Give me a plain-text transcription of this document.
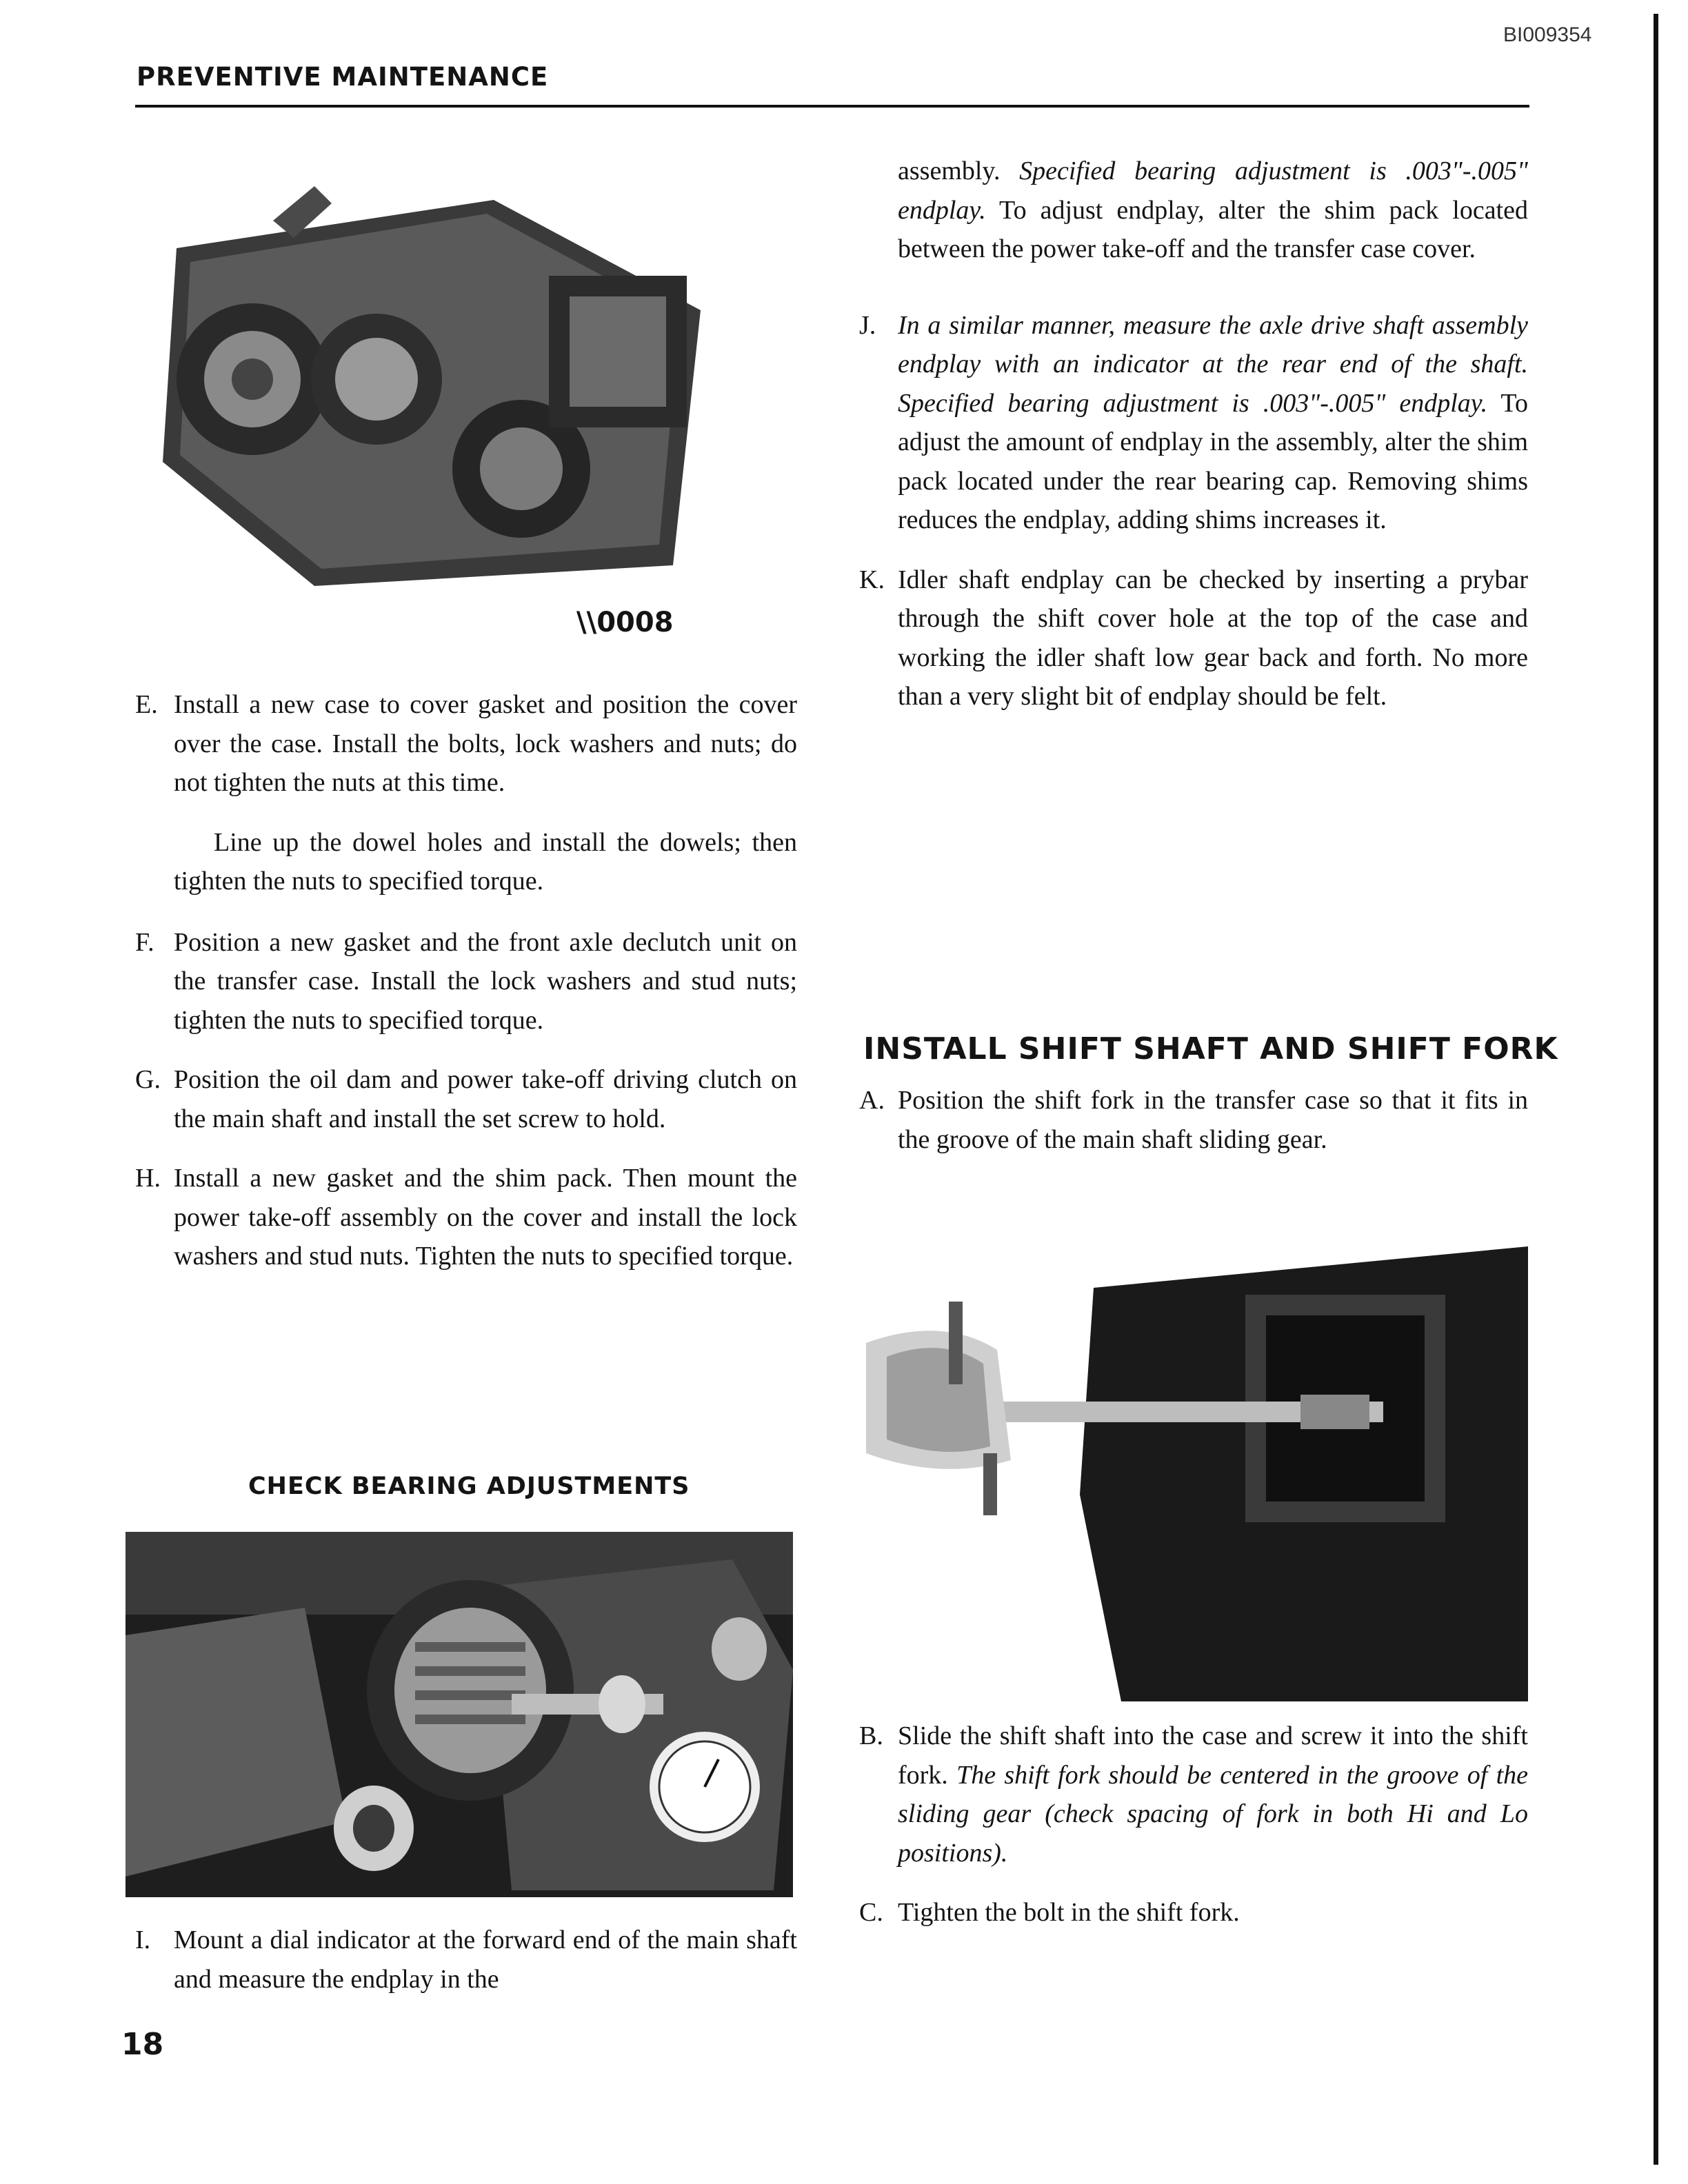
BI009354
PREVENTIVE MAINTENANCE
\\0008
E. Install a new case to cover gasket and position the cover over the case. Install the bolts, lock washers and nuts; do not tighten the nuts at this time.

Line up the dowel holes and install the dowels; then tighten the nuts to specified torque.

F. Position a new gasket and the front axle declutch unit on the transfer case. Install the lock washers and stud nuts; tighten the nuts to specified torque.
G. Position the oil dam and power take-off driving clutch on the main shaft and install the set screw to hold.
H. Install a new gasket and the shim pack. Then mount the power take-off assembly on the cover and install the lock washers and stud nuts. Tighten the nuts to specified torque.
CHECK BEARING ADJUSTMENTS
I. Mount a dial indicator at the forward end of the main shaft and measure the endplay in the

assembly. Specified bearing adjustment is .003"-.005" endplay. To adjust endplay, alter the shim pack located between the power take-off and the transfer case cover.

J. In a similar manner, measure the axle drive shaft assembly endplay with an indicator at the rear end of the shaft. Specified bearing adjustment is .003"-.005" endplay. To adjust the amount of endplay in the assembly, alter the shim pack located under the rear bearing cap. Removing shims reduces the endplay, adding shims increases it.
K. Idler shaft endplay can be checked by inserting a prybar through the shift cover hole at the top of the case and working the idler shaft low gear back and forth. No more than a very slight bit of endplay should be felt.
INSTALL SHIFT SHAFT AND SHIFT FORK
A. Position the shift fork in the transfer case so that it fits in the groove of the main shaft sliding gear.
B. Slide the shift shaft into the case and screw it into the shift fork. The shift fork should be centered in the groove of the sliding gear (check spacing of fork in both Hi and Lo positions).
C. Tighten the bolt in the shift fork.
18
